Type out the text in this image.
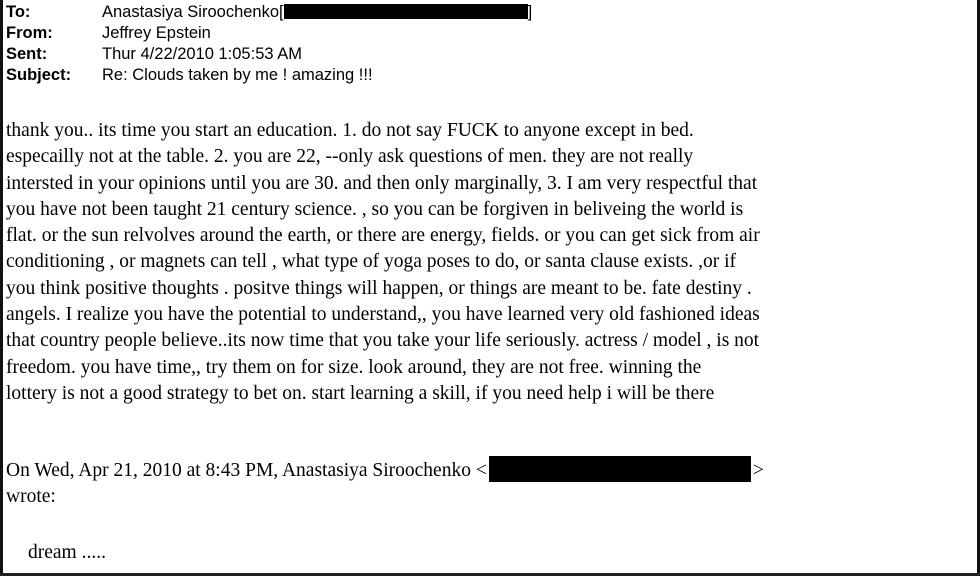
To:	Anastasiya Siroochenko[	]
From:	Jeffrey Epstein
Sent:	Thur 4/22/2010 1:05:53 AM
Subject: Re: Clouds taken by me ! amazing !!!
thank you.. its time you start an education. 1. do not say FUCK to anyone except in bed.
especailly not at the table. 2. you are 22, --only ask questions of men. they are not really
intersted in your opinions until you are 30. and then only marginally, 3. I am very respectful that
you have not been taught 21 century science. , so you can be forgiven in beliveing the world is
flat. or the sun relvolves around the earth, or there are energy, fields. or you can get sick from air
conditioning , or magnets can tell , what type of yoga poses to do, or santa clause exists. ,or if
you think positive thoughts . positve things will happen, or things are meant to be. fate destiny .
angels. I realize you have the potential to understand,, you have learned very old fashioned ideas
that country people believe..its now time that you take your life seriously. actress / model , is not
freedom. you have time,, try them on for size. look around, they are not free. winning the
lottery is not a good strategy to bet on. start learning a skill, if you need help i will be there
On Wed, Apr 21, 2010 at 8:43 PM, Anastasiya Siroochenko <	>
wrote:
dream .....
